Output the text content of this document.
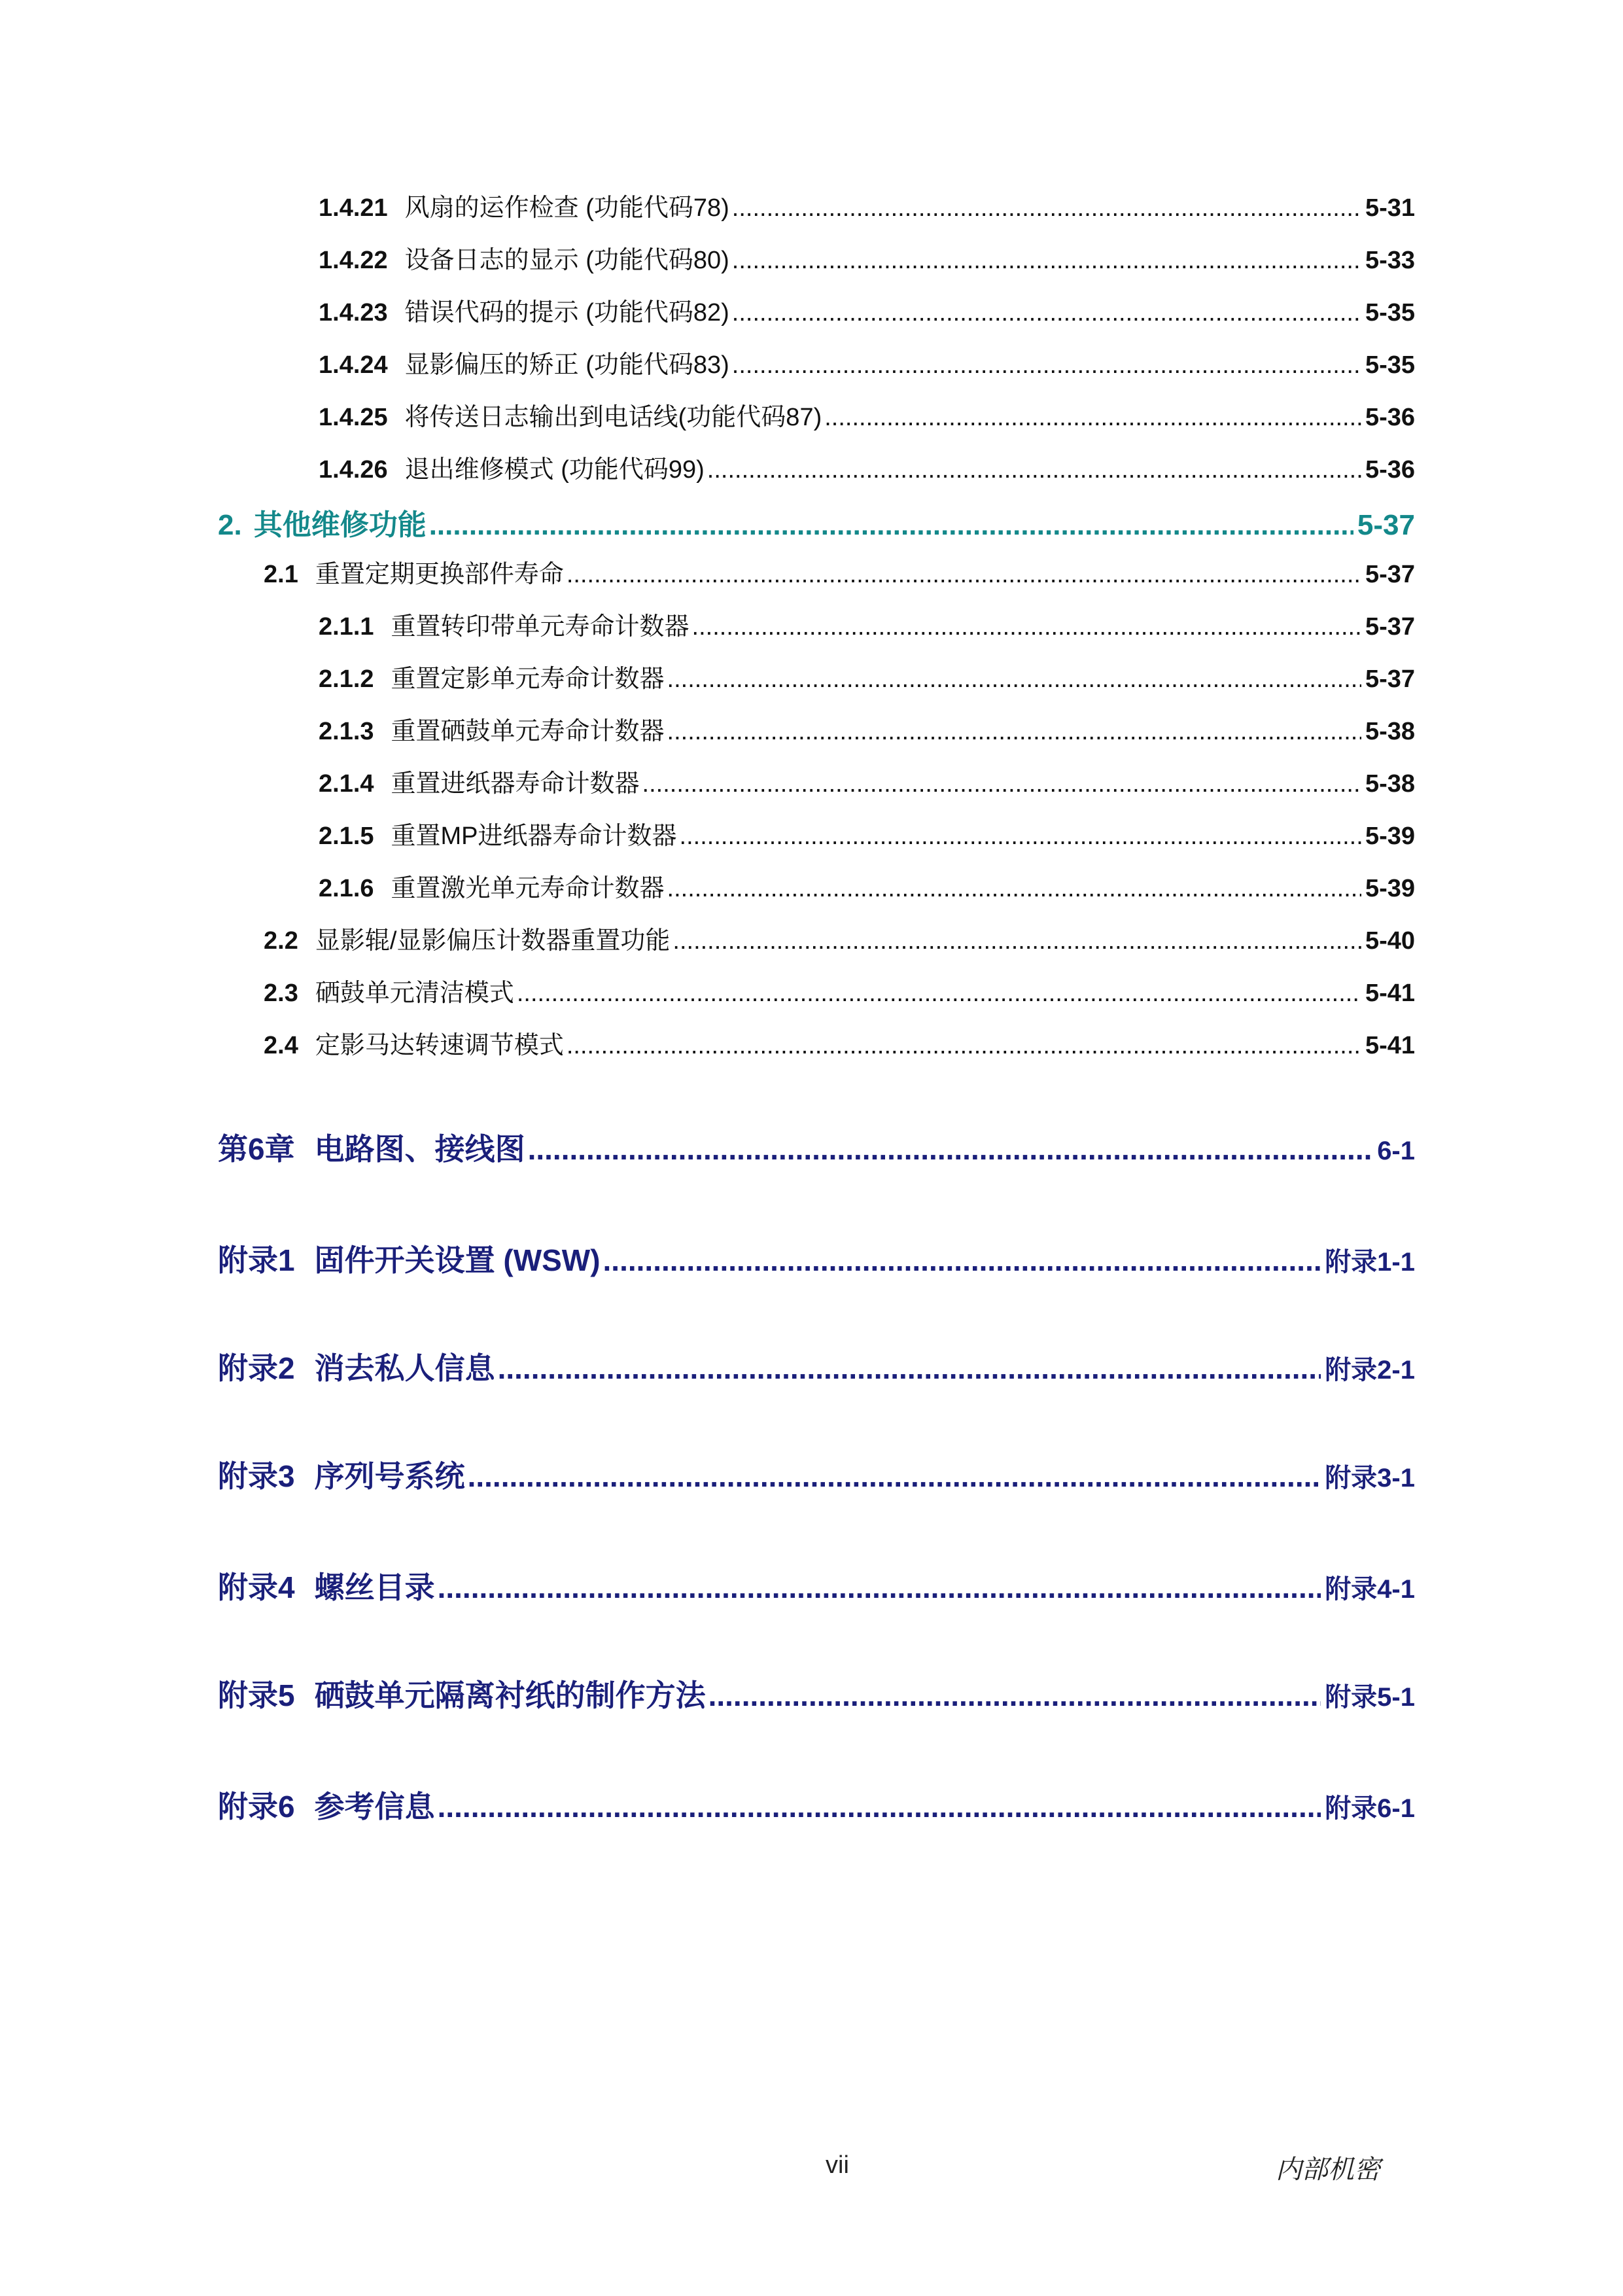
1.4.21 风扇的运作检查 (功能代码78) .....	5-31
1.4.22 设备日志的显示 (功能代码80) .....	5-33
1.4.23 错误代码的提示 (功能代码82) .....	5-35
1.4.24 显影偏压的矫正 (功能代码83) .....	5-35
1.4.25 将传送日志输出到电话线(功能代码87) .....	5-36
1.4.26 退出维修模式 (功能代码99) .....	5-36
2. 其他维修功能 .....	5-37
2.1 重置定期更换部件寿命 .....	5-37
2.1.1 重置转印带单元寿命计数器 .....	5-37
2.1.2 重置定影单元寿命计数器 .....	5-37
2.1.3 重置硒鼓单元寿命计数器 .....	5-38
2.1.4 重置进纸器寿命计数器 .....	5-38
2.1.5 重置MP进纸器寿命计数器 .....	5-39
2.1.6 重置激光单元寿命计数器 .....	5-39
2.2 显影辊/显影偏压计数器重置功能 .....	5-40
2.3 硒鼓单元清洁模式 .....	5-41
2.4 定影马达转速调节模式 .....	5-41
第6章 电路图、接线图 .....	6-1
附录1 固件开关设置 (WSW) .....	附录1-1
附录2 消去私人信息 .....	附录2-1
附录3 序列号系统 .....	附录3-1
附录4 螺丝目录 .....	附录4-1
附录5 硒鼓单元隔离衬纸的制作方法 .....	附录5-1
附录6 参考信息 .....	附录6-1
vii	内部机密
